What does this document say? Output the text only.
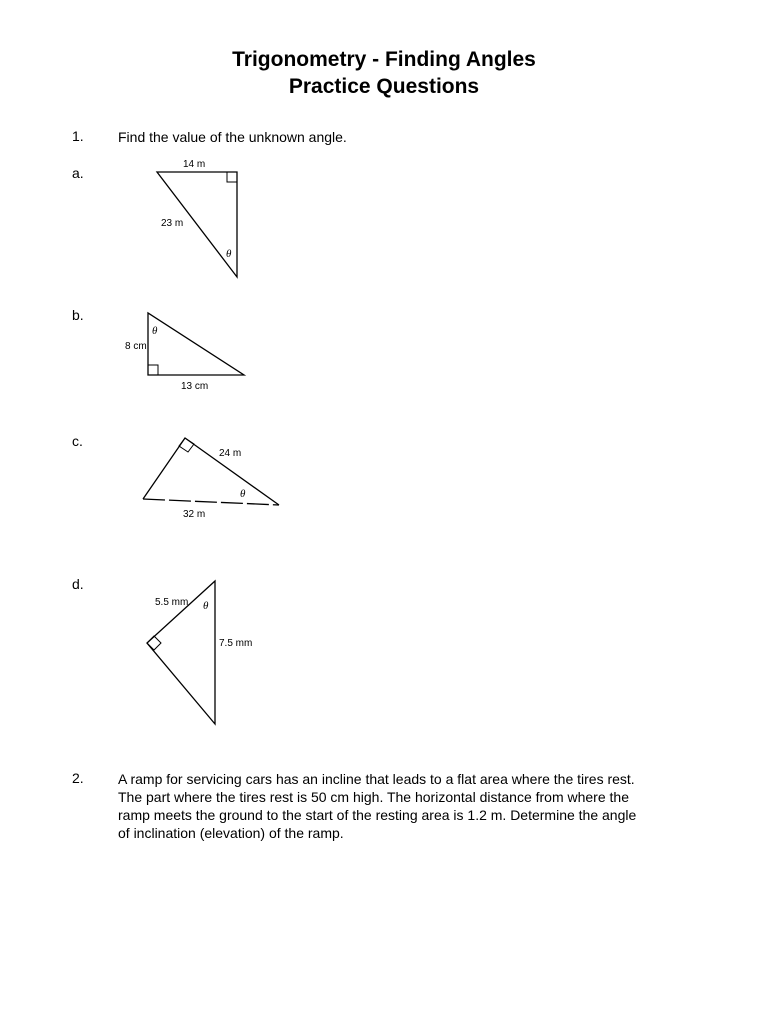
Trigonometry - Finding Angles
Practice Questions
1. Find the value of the unknown angle.
a.
b.
c.
d.
14 m
23 m
θ
8 cm
13 cm
θ
24 m
32 m
θ
5.5 mm
7.5 mm
θ
2. A ramp for servicing cars has an incline that leads to a flat area where the tires rest.
The part where the tires rest is 50 cm high. The horizontal distance from where the
ramp meets the ground to the start of the resting area is 1.2 m. Determine the angle
of inclination (elevation) of the ramp.
